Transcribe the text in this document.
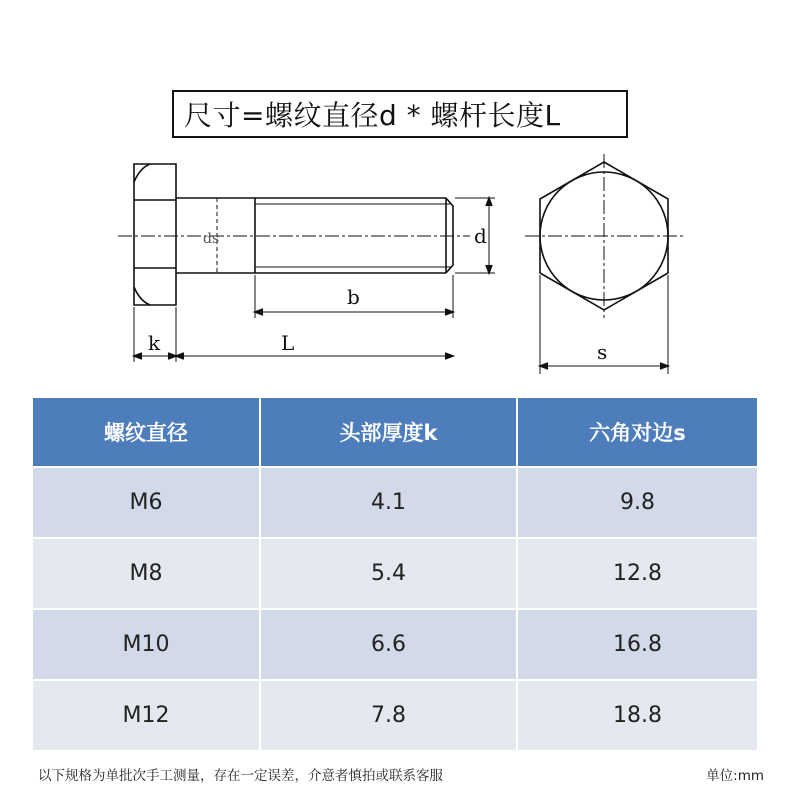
尺寸=螺纹直径d * 螺杆长度L
ds	d
b
k	L	s
螺纹直径	头部厚度k	六角对边s
M6	4.1	9.8
M8	5.4	12.8
M10	6.6	16.8
M12	7.8	18.8
以下规格为单批次手工测量，存在一定误差，介意者慎拍或联系客服	单位:mm
